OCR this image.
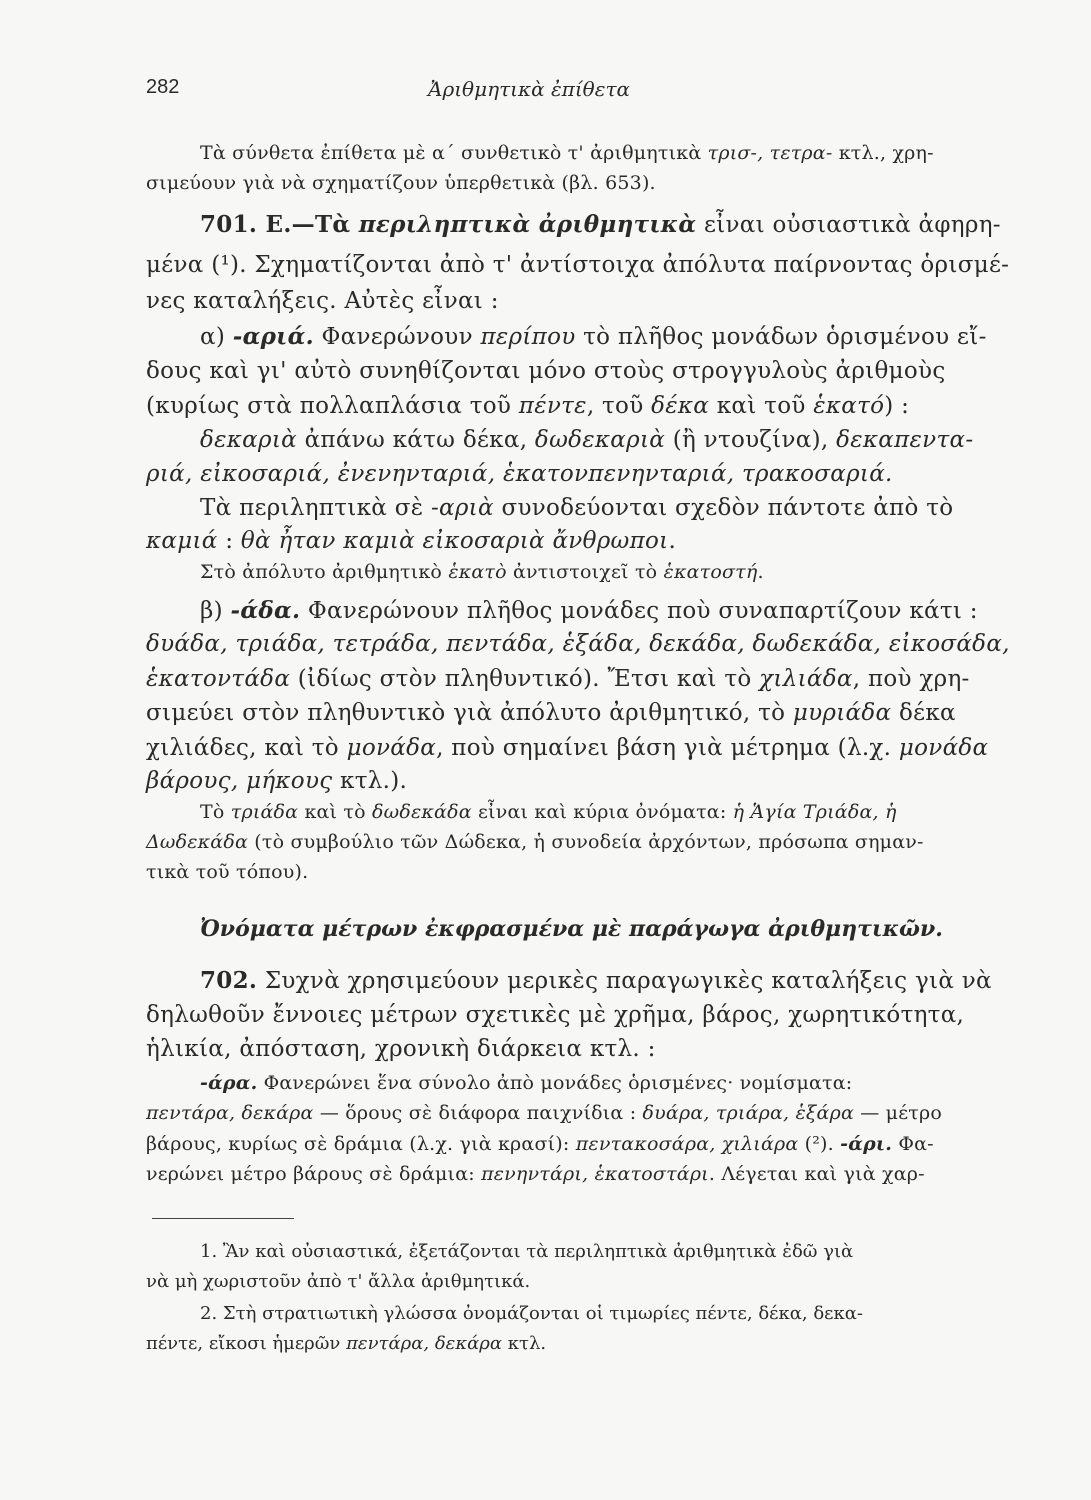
282	Ἀριθμητικὰ ἐπίθετα
Τὰ σύνθετα ἐπίθετα μὲ α΄ συνθετικὸ τ' ἀριθμητικὰ τρισ-, τετρα- κτλ., χρη-
σιμεύουν γιὰ νὰ σχηματίζουν ὑπερθετικὰ (βλ. 653).
701. Ε.—Τὰ περιληπτικὰ ἀριθμητικὰ εἶναι οὐσιαστικὰ ἀφηρη-
μένα (¹). Σχηματίζονται ἀπὸ τ' ἀντίστοιχα ἀπόλυτα παίρνοντας ὁρισμέ-
νες καταλήξεις. Αὐτὲς εἶναι :
α) -αριά. Φανερώνουν περίπου τὸ πλῆθος μονάδων ὁρισμένου εἴ-
δους καὶ γι' αὐτὸ συνηθίζονται μόνο στοὺς στρογγυλοὺς ἀριθμοὺς
(κυρίως στὰ πολλαπλάσια τοῦ πέντε, τοῦ δέκα καὶ τοῦ ἑκατό) :
δεκαριὰ ἀπάνω κάτω δέκα, δωδεκαριὰ (ἢ ντουζίνα), δεκαπεντα-
ριά, εἰκοσαριά, ἐνενηνταριά, ἑκατονπενηνταριά, τρακοσαριά.
Τὰ περιληπτικὰ σὲ -αριὰ συνοδεύονται σχεδὸν πάντοτε ἀπὸ τὸ
καμιά : θὰ ἦταν καμιὰ εἰκοσαριὰ ἄνθρωποι.
Στὸ ἀπόλυτο ἀριθμητικὸ ἑκατὸ ἀντιστοιχεῖ τὸ ἑκατοστή.
β) -άδα. Φανερώνουν πλῆθος μονάδες ποὺ συναπαρτίζουν κάτι :
δυάδα, τριάδα, τετράδα, πεντάδα, ἑξάδα, δεκάδα, δωδεκάδα, εἰκοσάδα,
ἑκατοντάδα (ἰδίως στὸν πληθυντικό). Ἔτσι καὶ τὸ χιλιάδα, ποὺ χρη-
σιμεύει στὸν πληθυντικὸ γιὰ ἀπόλυτο ἀριθμητικό, τὸ μυριάδα δέκα
χιλιάδες, καὶ τὸ μονάδα, ποὺ σημαίνει βάση γιὰ μέτρημα (λ.χ. μονάδα
βάρους, μήκους κτλ.).
Τὸ τριάδα καὶ τὸ δωδεκάδα εἶναι καὶ κύρια ὀνόματα: ἡ Ἁγία Τριάδα, ἡ
Δωδεκάδα (τὸ συμβούλιο τῶν Δώδεκα, ἡ συνοδεία ἀρχόντων, πρόσωπα σημαν-
τικὰ τοῦ τόπου).
Ὀνόματα μέτρων ἐκφρασμένα μὲ παράγωγα ἀριθμητικῶν.
702. Συχνὰ χρησιμεύουν μερικὲς παραγωγικὲς καταλήξεις γιὰ νὰ
δηλωθοῦν ἔννοιες μέτρων σχετικὲς μὲ χρῆμα, βάρος, χωρητικότητα,
ἡλικία, ἀπόσταση, χρονικὴ διάρκεια κτλ. :
-άρα. Φανερώνει ἕνα σύνολο ἀπὸ μονάδες ὁρισμένες· νομίσματα:
πεντάρα, δεκάρα — ὅρους σὲ διάφορα παιχνίδια : δυάρα, τριάρα, ἑξάρα — μέτρο
βάρους, κυρίως σὲ δράμια (λ.χ. γιὰ κρασί): πεντακοσάρα, χιλιάρα (²). -άρι. Φα-
νερώνει μέτρο βάρους σὲ δράμια: πενηντάρι, ἑκατοστάρι. Λέγεται καὶ γιὰ χαρ-
1. Ἂν καὶ οὐσιαστικά, ἐξετάζονται τὰ περιληπτικὰ ἀριθμητικὰ ἐδῶ γιὰ
νὰ μὴ χωριστοῦν ἀπὸ τ' ἄλλα ἀριθμητικά.
2. Στὴ στρατιωτικὴ γλώσσα ὀνομάζονται οἱ τιμωρίες πέντε, δέκα, δεκα-
πέντε, εἴκοσι ἡμερῶν πεντάρα, δεκάρα κτλ.
